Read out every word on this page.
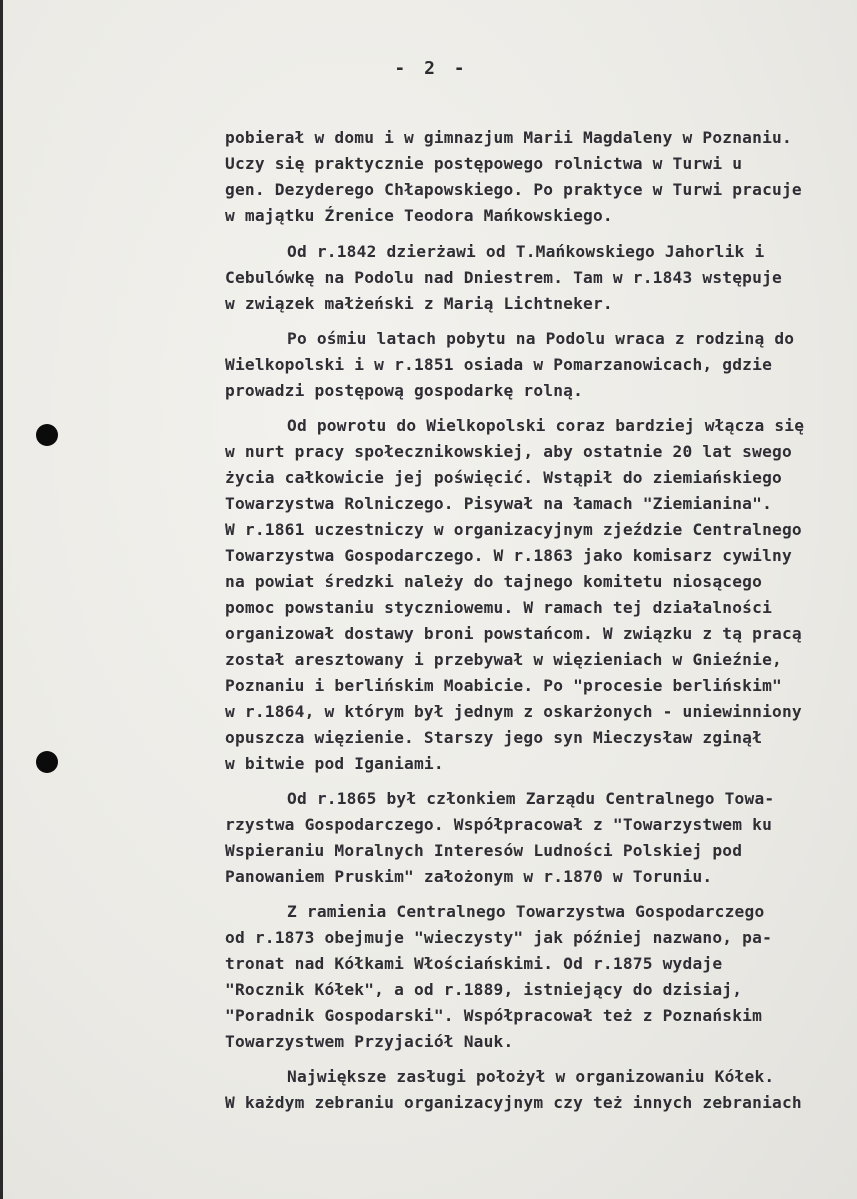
- 2 -
pobierał w domu i w gimnazjum Marii Magdaleny w Poznaniu.
Uczy się praktycznie postępowego rolnictwa w Turwi u
gen. Dezyderego Chłapowskiego. Po praktyce w Turwi pracuje
w majątku Źrenice Teodora Mańkowskiego.
Od r.1842 dzierżawi od T.Mańkowskiego Jahorlik i
Cebulówkę na Podolu nad Dniestrem. Tam w r.1843 wstępuje
w związek małżeński z Marią Lichtneker.
Po ośmiu latach pobytu na Podolu wraca z rodziną do
Wielkopolski i w r.1851 osiada w Pomarzanowicach, gdzie
prowadzi postępową gospodarkę rolną.
Od powrotu do Wielkopolski coraz bardziej włącza się
w nurt pracy społecznikowskiej, aby ostatnie 20 lat swego
życia całkowicie jej poświęcić. Wstąpił do ziemiańskiego
Towarzystwa Rolniczego. Pisywał na łamach "Ziemianina".
W r.1861 uczestniczy w organizacyjnym zjeździe Centralnego
Towarzystwa Gospodarczego. W r.1863 jako komisarz cywilny
na powiat średzki należy do tajnego komitetu niosącego
pomoc powstaniu styczniowemu. W ramach tej działalności
organizował dostawy broni powstańcom. W związku z tą pracą
został aresztowany i przebywał w więzieniach w Gnieźnie,
Poznaniu i berlińskim Moabicie. Po "procesie berlińskim"
w r.1864, w którym był jednym z oskarżonych - uniewinniony
opuszcza więzienie. Starszy jego syn Mieczysław zginął
w bitwie pod Iganiami.
Od r.1865 był członkiem Zarządu Centralnego Towa-
rzystwa Gospodarczego. Współpracował z "Towarzystwem ku
Wspieraniu Moralnych Interesów Ludności Polskiej pod
Panowaniem Pruskim" założonym w r.1870 w Toruniu.
Z ramienia Centralnego Towarzystwa Gospodarczego
od r.1873 obejmuje "wieczysty" jak później nazwano, pa-
tronat nad Kółkami Włościańskimi. Od r.1875 wydaje
"Rocznik Kółek", a od r.1889, istniejący do dzisiaj,
"Poradnik Gospodarski". Współpracował też z Poznańskim
Towarzystwem Przyjaciół Nauk.
Największe zasługi położył w organizowaniu Kółek.
W każdym zebraniu organizacyjnym czy też innych zebraniach
